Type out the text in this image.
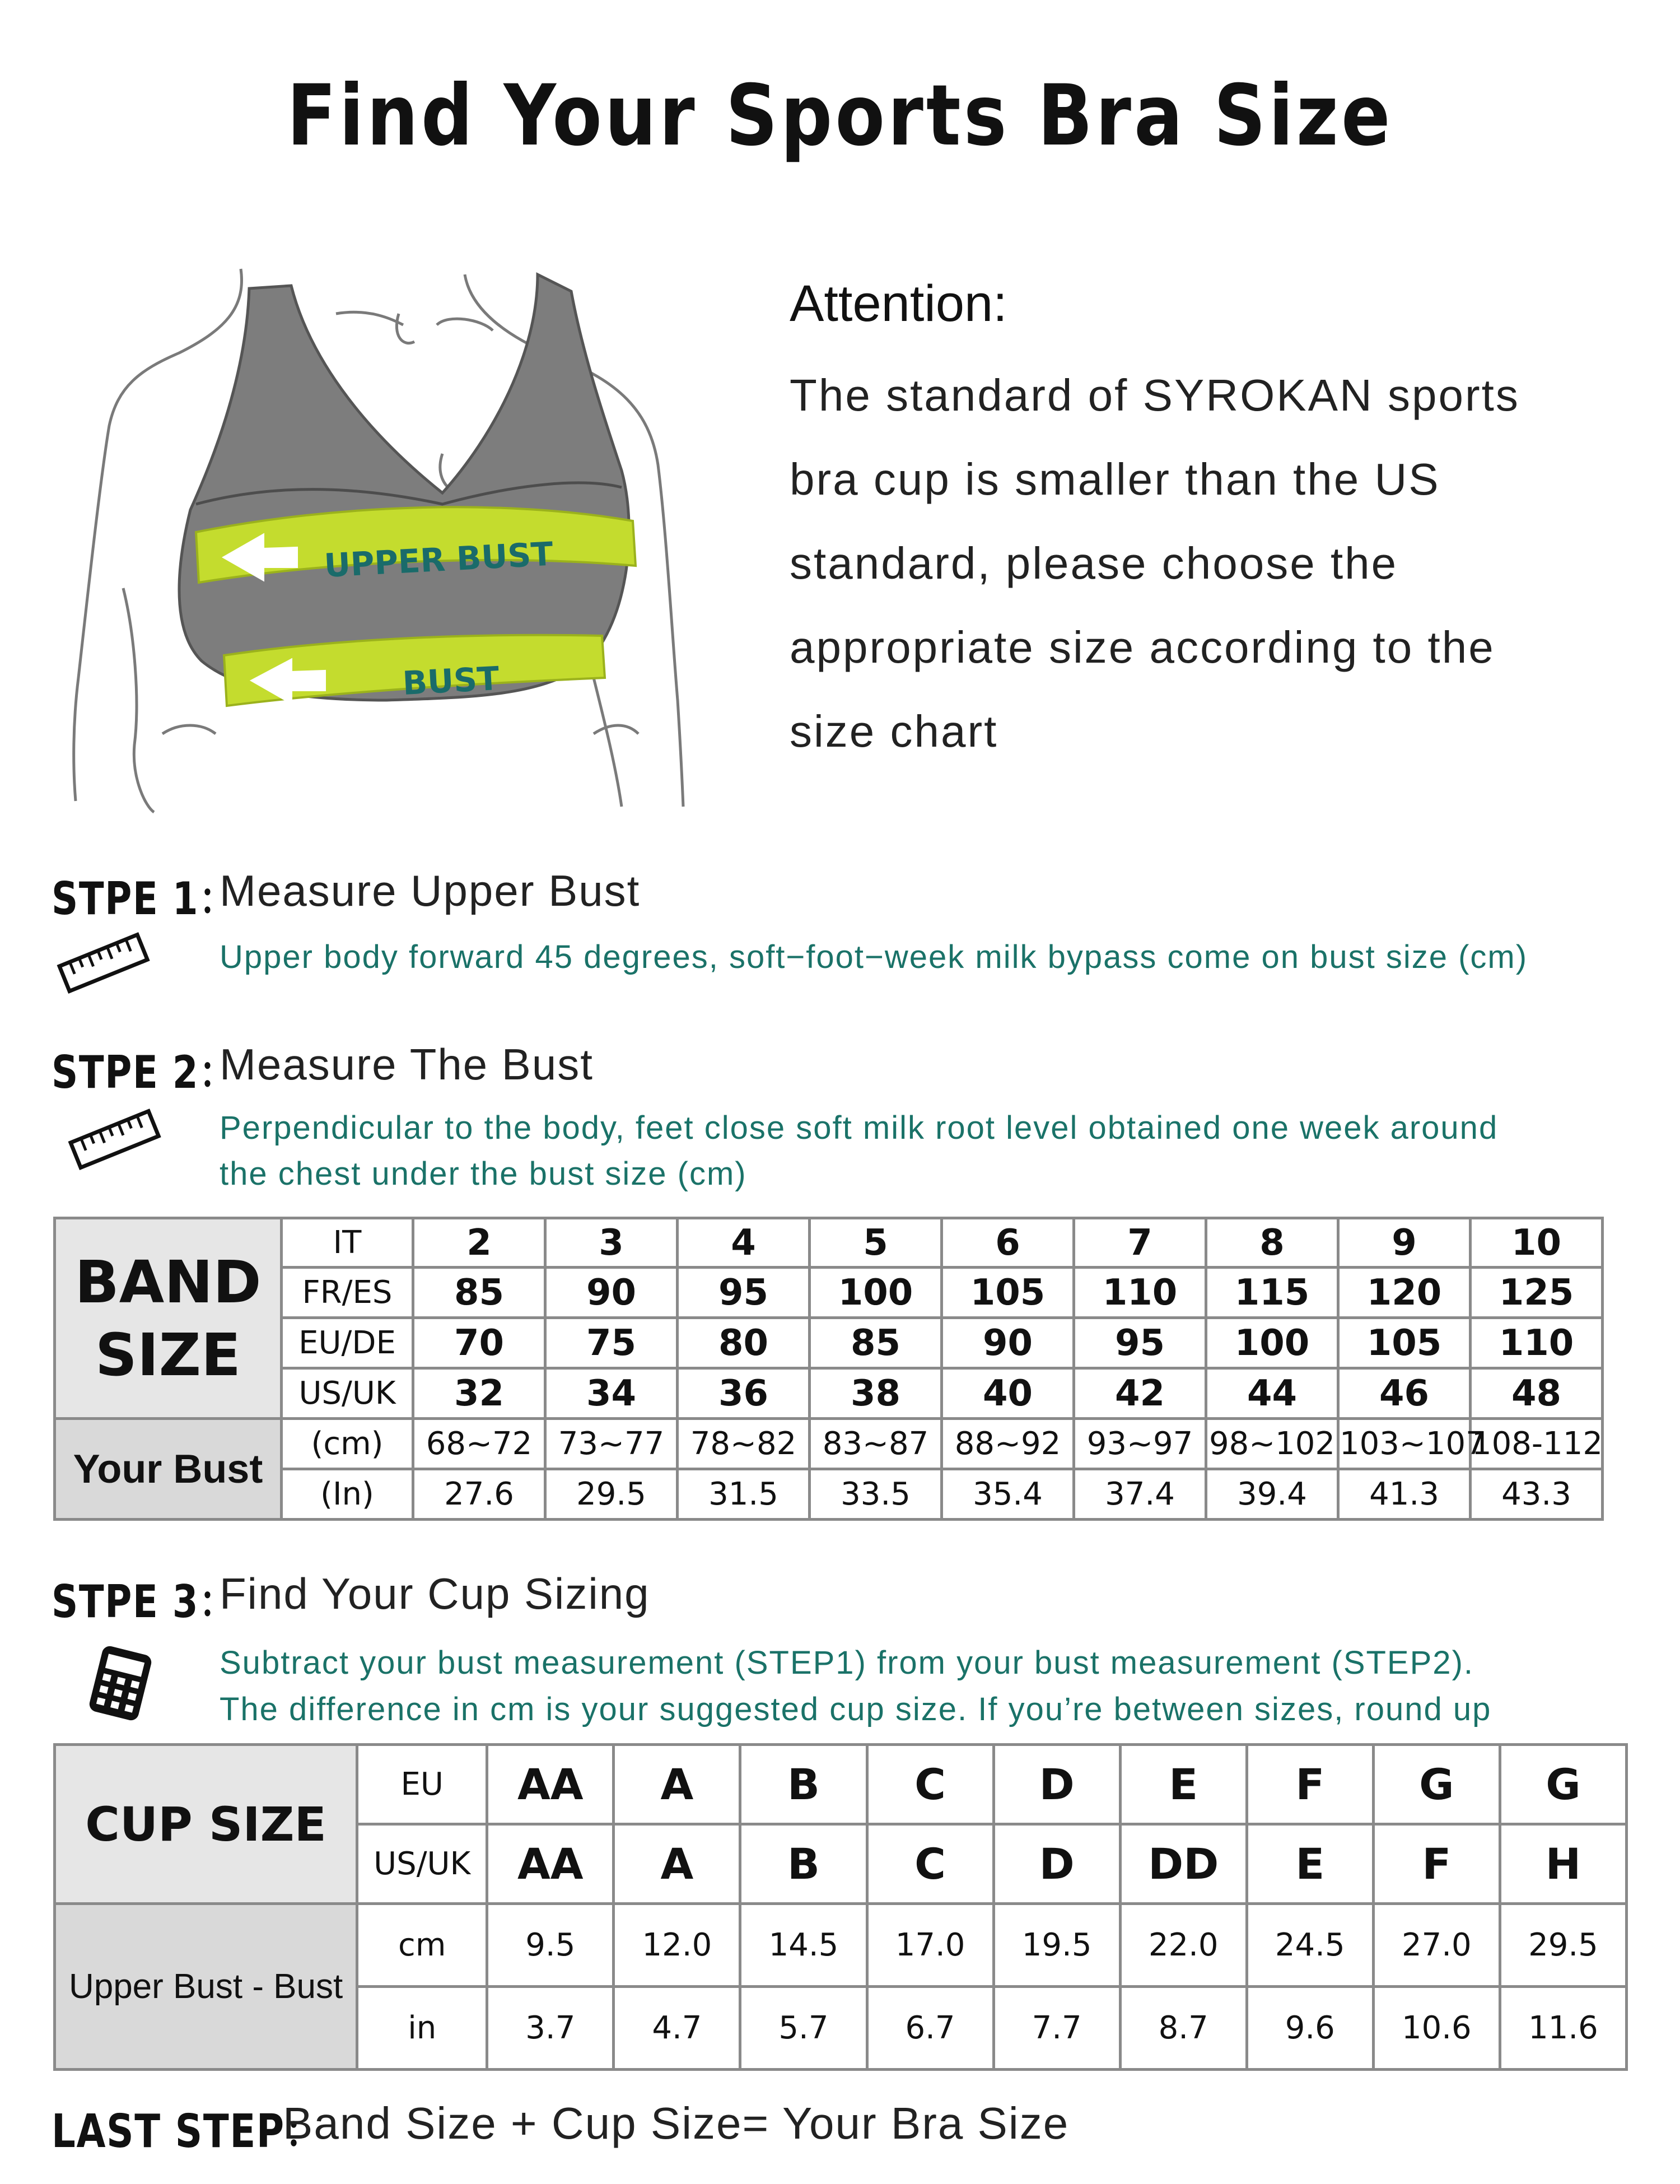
Find Your Sports Bra Size
UPPER BUST
BUST
Attention:
The standard of SYROKAN sports
bra cup is smaller than the US
standard, please choose the
appropriate size according to the
size chart
STPE 1：
Measure Upper Bust
Upper body forward 45 degrees, soft−foot−week milk bypass come on bust size (cm)
STPE 2：
Measure The Bust
Perpendicular to the body, feet close soft milk root level obtained one week around
the chest under the bust size (cm)
BAND
SIZE	IT	2	3	4	5	6	7	8	9	10
	FR/ES	85	90	95	100	105	110	115	120	125
	EU/DE	70	75	80	85	90	95	100	105	110
	US/UK	32	34	36	38	40	42	44	46	48
Your Bust	(cm)	68~72	73~77	78~82	83~87	88~92	93~97	98~102	103~107	108-112
	(In)	27.6	29.5	31.5	33.5	35.4	37.4	39.4	41.3	43.3
STPE 3：
Find Your Cup Sizing
Subtract your bust measurement (STEP1) from your bust measurement (STEP2).
The difference in cm is your suggested cup size. If you’re between sizes, round up
CUP SIZE	EU	AA	A	B	C	D	E	F	G	G
	US/UK	AA	A	B	C	D	DD	E	F	H
Upper Bust - Bust	cm	9.5	12.0	14.5	17.0	19.5	22.0	24.5	27.0	29.5
	in	3.7	4.7	5.7	6.7	7.7	8.7	9.6	10.6	11.6
LAST STEP：
Band Size + Cup Size= Your Bra Size
